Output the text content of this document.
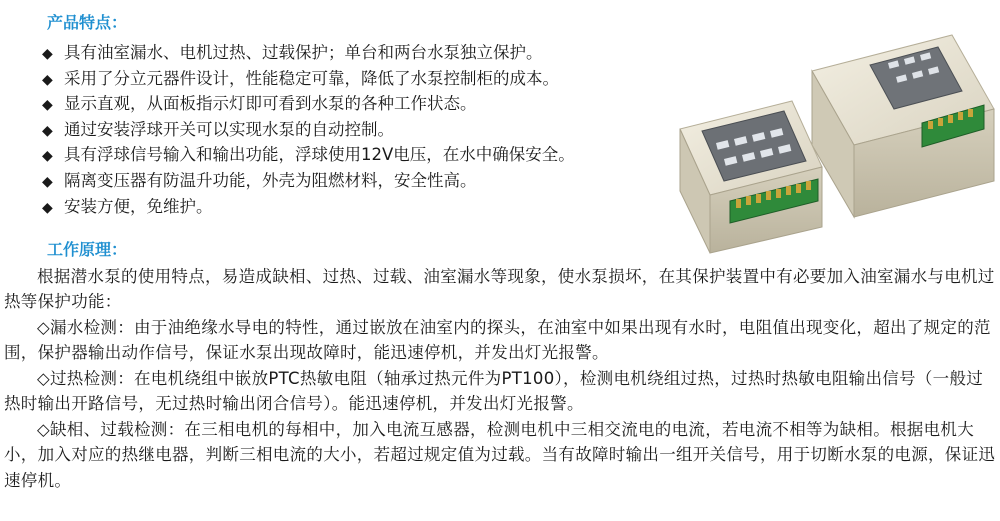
产品特点：
◆ 具有油室漏水、电机过热、过载保护；单台和两台水泵独立保护。
◆ 采用了分立元器件设计，性能稳定可靠，降低了水泵控制柜的成本。
◆ 显示直观，从面板指示灯即可看到水泵的各种工作状态。
◆ 通过安装浮球开关可以实现水泵的自动控制。
◆ 具有浮球信号输入和输出功能，浮球使用12V电压，在水中确保安全。
◆ 隔离变压器有防温升功能，外壳为阻燃材料，安全性高。
◆ 安装方便，免维护。
工作原理：

根据潜水泵的使用特点，易造成缺相、过热、过载、油室漏水等现象，使水泵损坏，在其保护装置中有必要加入油室漏水与电机过热等保护功能：

◇漏水检测：由于油绝缘水导电的特性，通过嵌放在油室内的探头，在油室中如果出现有水时，电阻值出现变化，超出了规定的范围，保护器输出动作信号，保证水泵出现故障时，能迅速停机，并发出灯光报警。

◇过热检测：在电机绕组中嵌放PTC热敏电阻（轴承过热元件为PT100），检测电机绕组过热，过热时热敏电阻输出信号（一般过热时输出开路信号，无过热时输出闭合信号）。能迅速停机，并发出灯光报警。

◇缺相、过载检测：在三相电机的每相中，加入电流互感器，检测电机中三相交流电的电流，若电流不相等为缺相。根据电机大小，加入对应的热继电器，判断三相电流的大小，若超过规定值为过载。当有故障时输出一组开关信号，用于切断水泵的电源，保证迅速停机。
